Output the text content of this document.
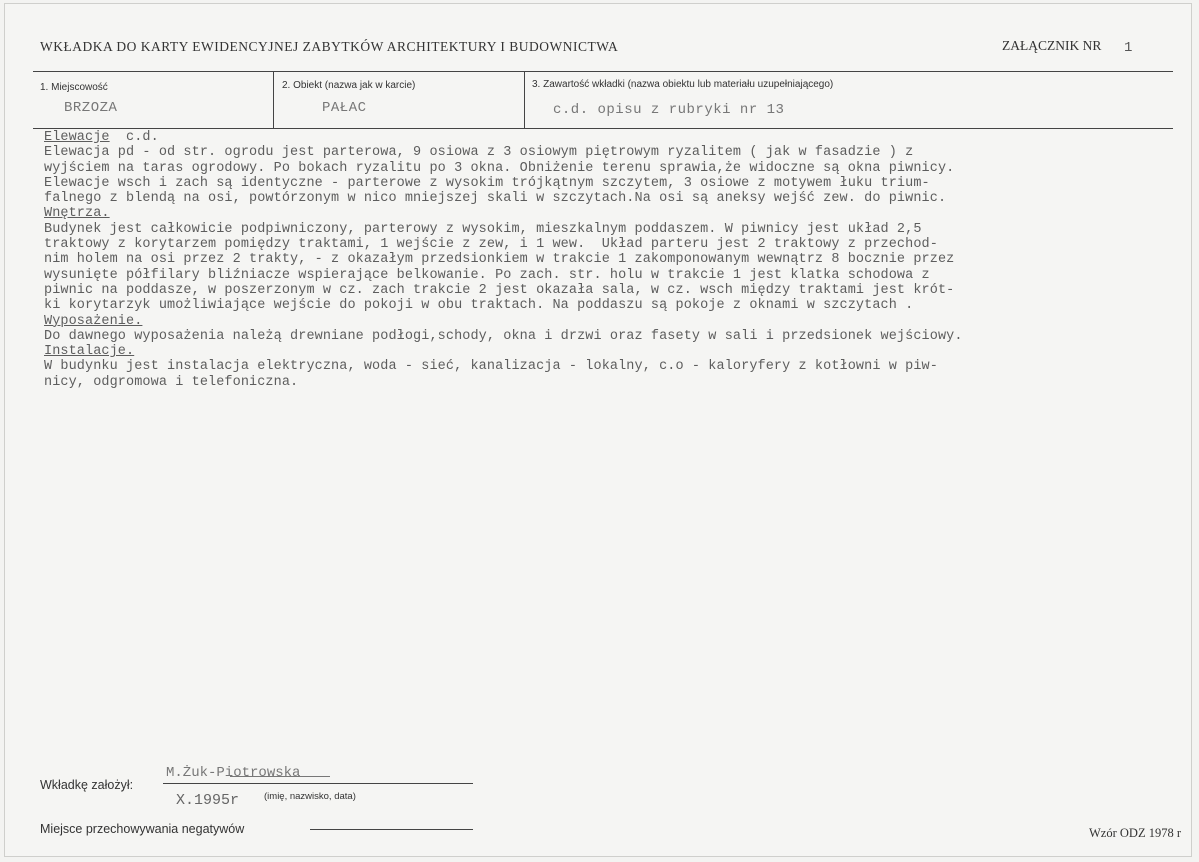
WKŁADKA DO KARTY EWIDENCYJNEJ ZABYTKÓW ARCHITEKTURY I BUDOWNICTWA	ZAŁĄCZNIK NR 1
1. Miejscowość
BRZOZA
2. Obiekt (nazwa jak w karcie)
PAŁAC
3. Zawartość wkładki (nazwa obiektu lub materiału uzupełniającego)
c.d. opisu z rubryki nr 13
Elewacje  c.d.
Elewacja pd - od str. ogrodu jest parterowa, 9 osiowa z 3 osiowym piętrowym ryzalitem ( jak w fasadzie ) z
wyjściem na taras ogrodowy. Po bokach ryzalitu po 3 okna. Obniżenie terenu sprawia,że widoczne są okna piwnicy.
Elewacje wsch i zach są identyczne - parterowe z wysokim trójkątnym szczytem, 3 osiowe z motywem łuku trium-
falnego z blendą na osi, powtórzonym w nico mniejszej skali w szczytach.Na osi są aneksy wejść zew. do piwnic.
Wnętrza.
Budynek jest całkowicie podpiwniczony, parterowy z wysokim, mieszkalnym poddaszem. W piwnicy jest układ 2,5
traktowy z korytarzem pomiędzy traktami, 1 wejście z zew, i 1 wew.  Układ parteru jest 2 traktowy z przechod-
nim holem na osi przez 2 trakty, - z okazałym przedsionkiem w trakcie 1 zakomponowanym wewnątrz 8 bocznie przez
wysunięte półfilary bliźniacze wspierające belkowanie. Po zach. str. holu w trakcie 1 jest klatka schodowa z
piwnic na poddasze, w poszerzonym w cz. zach trakcie 2 jest okazała sala, w cz. wsch między traktami jest krót-
ki korytarzyk umożliwiające wejście do pokoji w obu traktach. Na poddaszu są pokoje z oknami w szczytach .
Wyposażenie.
Do dawnego wyposażenia należą drewniane podłogi,schody, okna i drzwi oraz fasety w sali i przedsionek wejściowy.
Instalacje.
W budynku jest instalacja elektryczna, woda - sieć, kanalizacja - lokalny, c.o - kaloryfery z kotłowni w piw-
nicy, odgromowa i telefoniczna.
Wkładkę założył:
M.Żuk-Piotrowska
X.1995r	(imię, nazwisko, data)
Miejsce przechowywania negatywów	Wzór ODZ 1978 r
